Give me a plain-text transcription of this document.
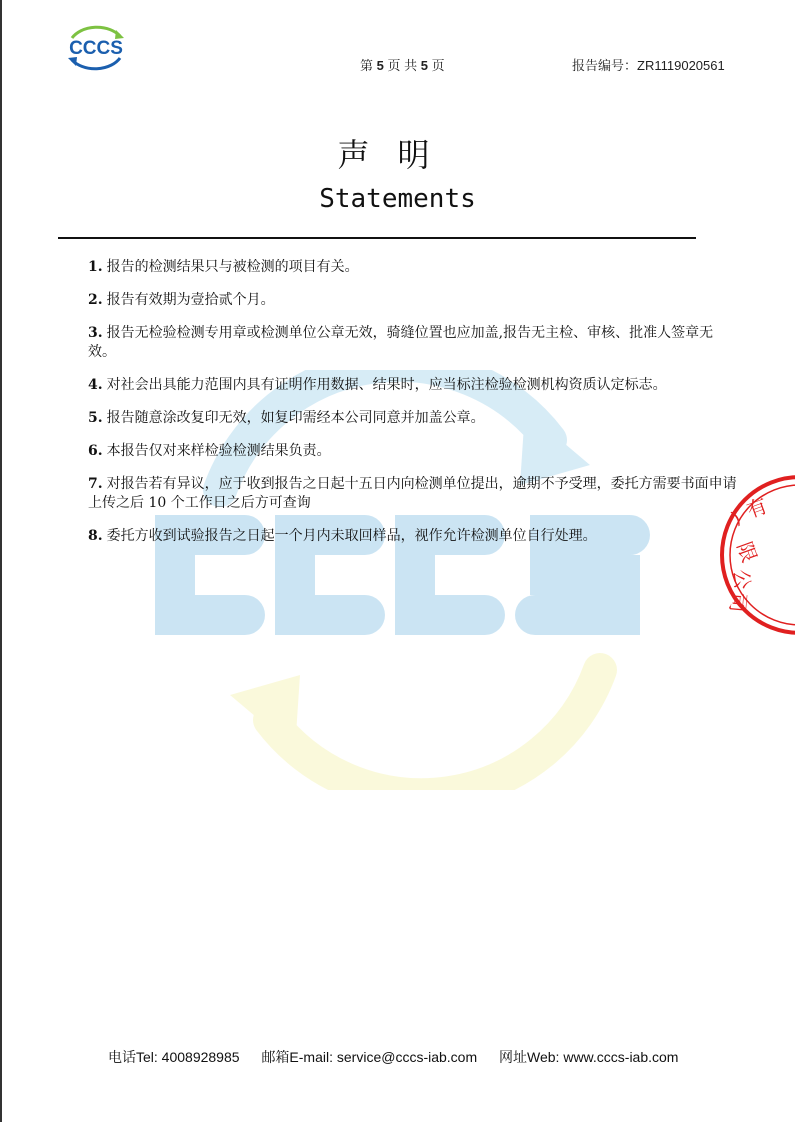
)
有
限
公
司
CCCS
第 5 页 共 5 页	报告编号：ZR1119020561
声明
Statements
1. 报告的检测结果只与被检测的项目有关。
2. 报告有效期为壹拾贰个月。
3. 报告无检验检测专用章或检测单位公章无效，骑缝位置也应加盖,报告无主检、审核、批准人签章无效。
4. 对社会出具能力范围内具有证明作用数据、结果时，应当标注检验检测机构资质认定标志。
5. 报告随意涂改复印无效，如复印需经本公司同意并加盖公章。
6. 本报告仅对来样检验检测结果负责。
7. 对报告若有异议，应于收到报告之日起十五日内向检测单位提出，逾期不予受理，委托方需要书面申请上传之后 10 个工作日之后方可查询
8. 委托方收到试验报告之日起一个月内未取回样品，视作允许检测单位自行处理。
电话Tel: 4008928985 邮箱E-mail: service@cccs-iab.com 网址Web: www.cccs-iab.com
